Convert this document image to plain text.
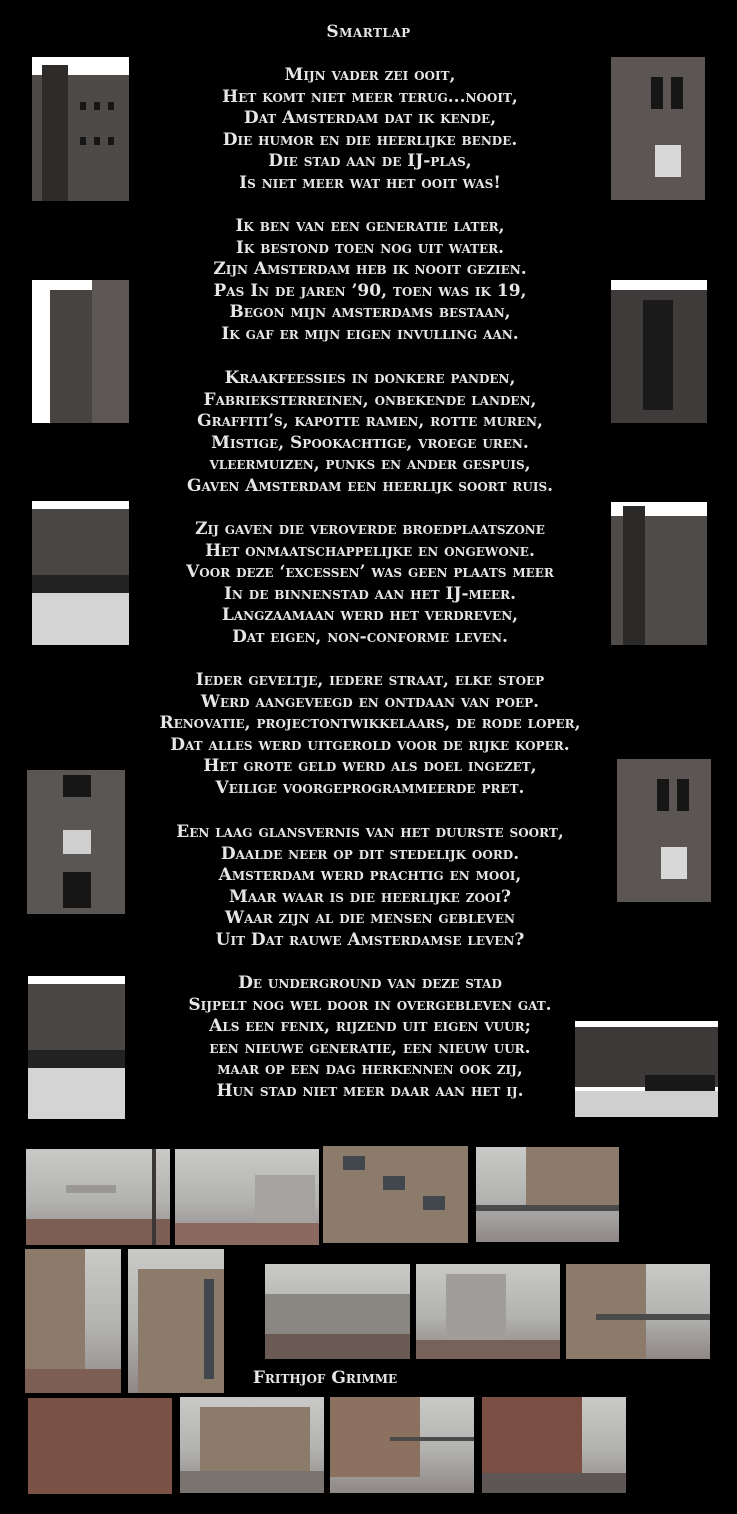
Smartlap
Mijn vader zei ooit,
Het komt niet meer terug...nooit,
Dat Amsterdam dat ik kende,
Die humor en die heerlijke bende.
Die stad aan de IJ-plas,
Is niet meer wat het ooit was!
Ik ben van een generatie later,
Ik bestond toen nog uit water.
Zijn Amsterdam heb ik nooit gezien.
Pas In de jaren ’90, toen was ik 19,
Begon mijn amsterdams bestaan,
Ik gaf er mijn eigen invulling aan.
Kraakfeessies in donkere panden,
Fabrieksterreinen, onbekende landen,
Graffiti’s, kapotte ramen, rotte muren,
Mistige, Spookachtige, vroege uren.
vleermuizen, punks en ander gespuis,
Gaven Amsterdam een heerlijk soort ruis.
Zij gaven die veroverde broedplaatszone
Het onmaatschappelijke en ongewone.
Voor deze ‘excessen’ was geen plaats meer
In de binnenstad aan het IJ-meer.
Langzaamaan werd het verdreven,
Dat eigen, non-conforme leven.
Ieder geveltje, iedere straat, elke stoep
Werd aangeveegd en ontdaan van poep.
Renovatie, projectontwikkelaars, de rode loper,
Dat alles werd uitgerold voor de rijke koper.
Het grote geld werd als doel ingezet,
Veilige voorgeprogrammeerde pret.
Een laag glansvernis van het duurste soort,
Daalde neer op dit stedelijk oord.
Amsterdam werd prachtig en mooi,
Maar waar is die heerlijke zooi?
Waar zijn al die mensen gebleven
Uit Dat rauwe Amsterdamse leven?
De underground van deze stad
Sijpelt nog wel door in overgebleven gat.
Als een fenix, rijzend uit eigen vuur;
een nieuwe generatie, een nieuw uur.
maar op een dag herkennen ook zij,
Hun stad niet meer daar aan het ij.
Frithjof Grimme
